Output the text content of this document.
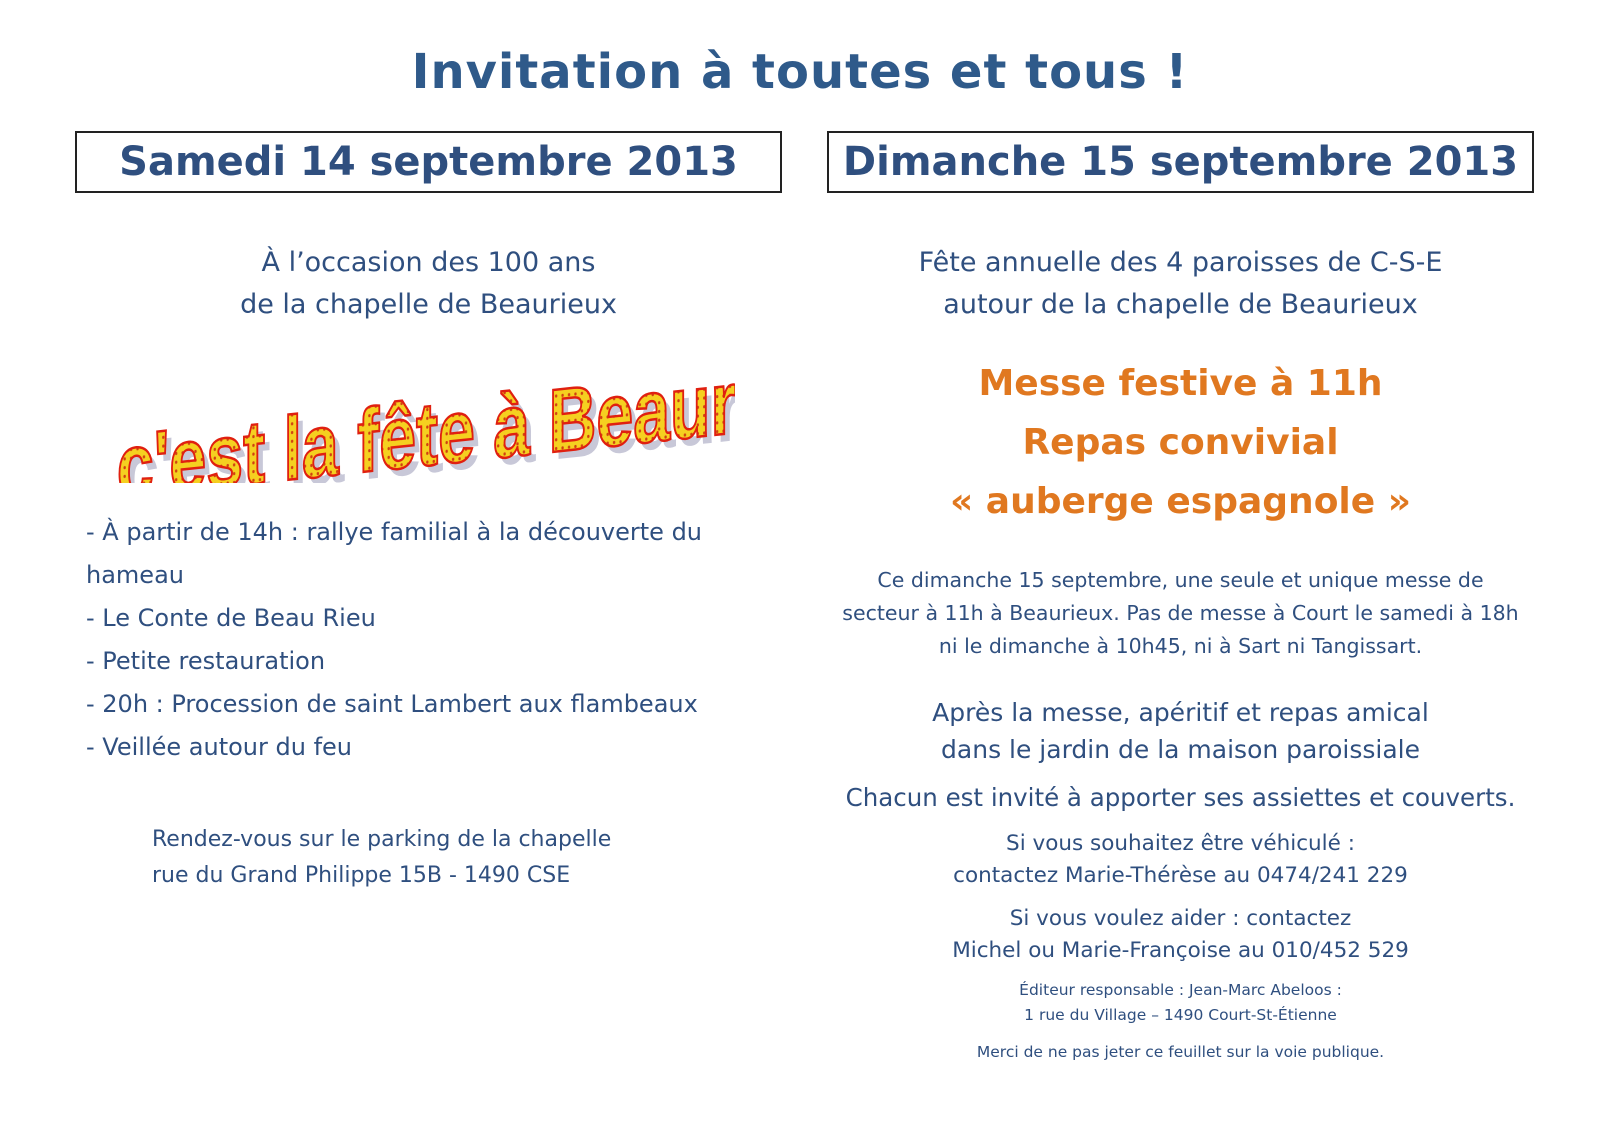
Invitation à toutes et tous !
Samedi 14 septembre 2013
À l’occasion des 100 ans
de la chapelle de Beaurieux
c'est la fête à Beaurieux
c'est la fête à Beaurieux
- À partir de 14h : rallye familial à la découverte du
hameau
- Le Conte de Beau Rieu
- Petite restauration
- 20h : Procession de saint Lambert aux flambeaux
- Veillée autour du feu
Rendez-vous sur le parking de la chapelle
rue du Grand Philippe 15B - 1490 CSE
Dimanche 15 septembre 2013
Fête annuelle des 4 paroisses de C-S-E
autour de la chapelle de Beaurieux
Messe festive à 11h
Repas convivial
« auberge espagnole »
Ce dimanche 15 septembre, une seule et unique messe de
secteur à 11h à Beaurieux. Pas de messe à Court le samedi à 18h
ni le dimanche à 10h45, ni à Sart ni Tangissart.
Après la messe, apéritif et repas amical
dans le jardin de la maison paroissiale
Chacun est invité à apporter ses assiettes et couverts.
Si vous souhaitez être véhiculé :
contactez Marie-Thérèse au 0474/241 229
Si vous voulez aider : contactez
Michel ou Marie-Françoise au 010/452 529
Éditeur responsable : Jean-Marc Abeloos :
1 rue du Village – 1490 Court-St-Étienne
Merci de ne pas jeter ce feuillet sur la voie publique.
